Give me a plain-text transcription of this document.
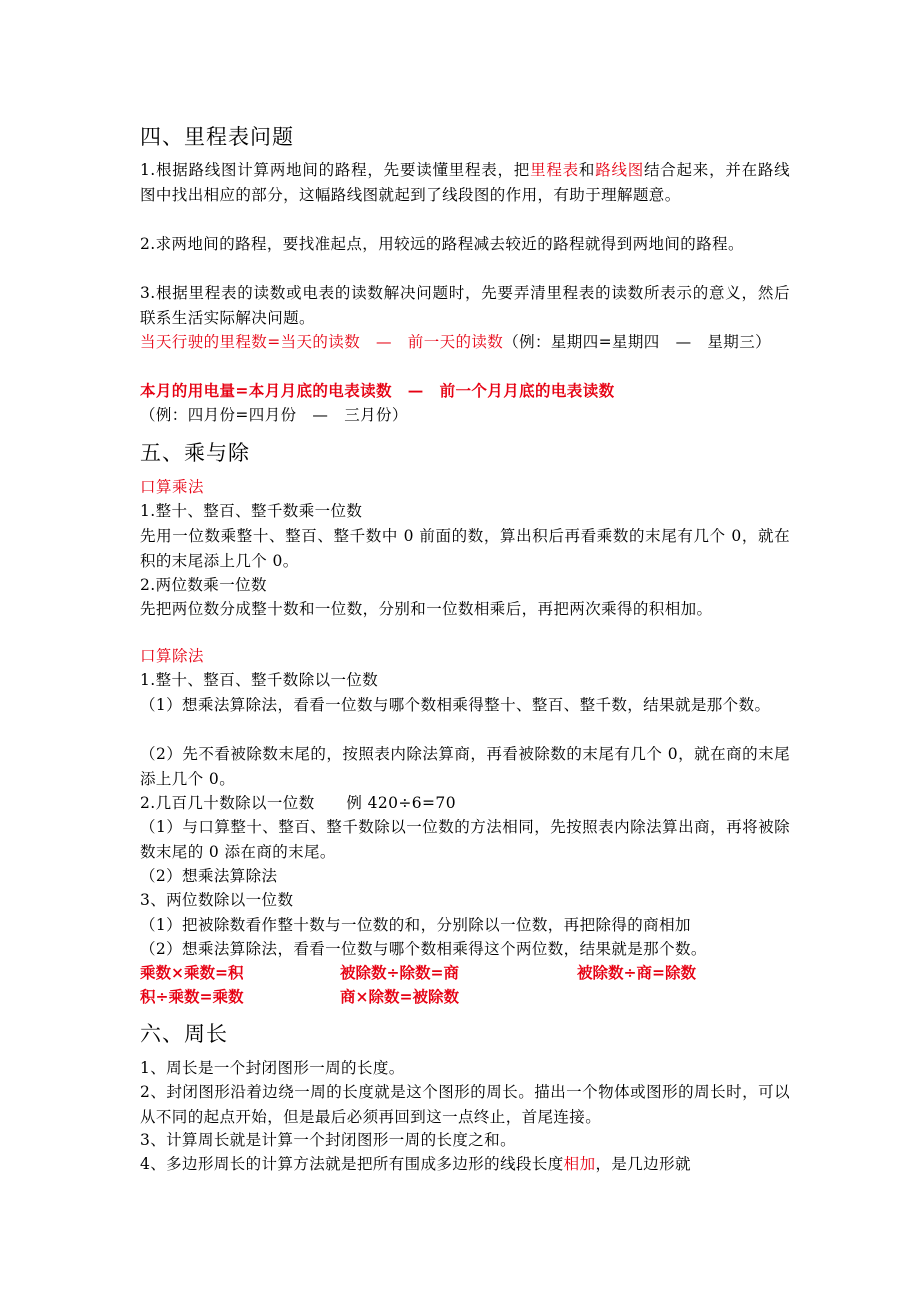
四、里程表问题
1.根据路线图计算两地间的路程，先要读懂里程表，把里程表和路线图结合起来，并在路线图中找出相应的部分，这幅路线图就起到了线段图的作用，有助于理解题意。
2.求两地间的路程，要找准起点，用较远的路程减去较近的路程就得到两地间的路程。
3.根据里程表的读数或电表的读数解决问题时，先要弄清里程表的读数所表示的意义，然后联系生活实际解决问题。
当天行驶的里程数=当天的读数　—　前一天的读数（例：星期四=星期四　—　星期三）
本月的用电量=本月月底的电表读数　—　前一个月月底的电表读数
（例：四月份=四月份　—　三月份）
五、乘与除
口算乘法
1.整十、整百、整千数乘一位数
先用一位数乘整十、整百、整千数中 0 前面的数，算出积后再看乘数的末尾有几个 0，就在积的末尾添上几个 0。
2.两位数乘一位数
先把两位数分成整十数和一位数，分别和一位数相乘后，再把两次乘得的积相加。
口算除法
1.整十、整百、整千数除以一位数
（1）想乘法算除法，看看一位数与哪个数相乘得整十、整百、整千数，结果就是那个数。
（2）先不看被除数末尾的，按照表内除法算商，再看被除数的末尾有几个 0，就在商的末尾添上几个 0。
2.几百几十数除以一位数　　例 420÷6=70
（1）与口算整十、整百、整千数除以一位数的方法相同，先按照表内除法算出商，再将被除数末尾的 0 添在商的末尾。
（2）想乘法算除法
3、两位数除以一位数
（1）把被除数看作整十数与一位数的和，分别除以一位数，再把除得的商相加
（2）想乘法算除法，看看一位数与哪个数相乘得这个两位数，结果就是那个数。
乘数×乘数=积	被除数÷除数=商	被除数÷商=除数
积÷乘数=乘数	商×除数=被除数
六、周长
1、周长是一个封闭图形一周的长度。
2、封闭图形沿着边绕一周的长度就是这个图形的周长。描出一个物体或图形的周长时，可以从不同的起点开始，但是最后必须再回到这一点终止，首尾连接。
3、计算周长就是计算一个封闭图形一周的长度之和。
4、多边形周长的计算方法就是把所有围成多边形的线段长度相加，是几边形就
